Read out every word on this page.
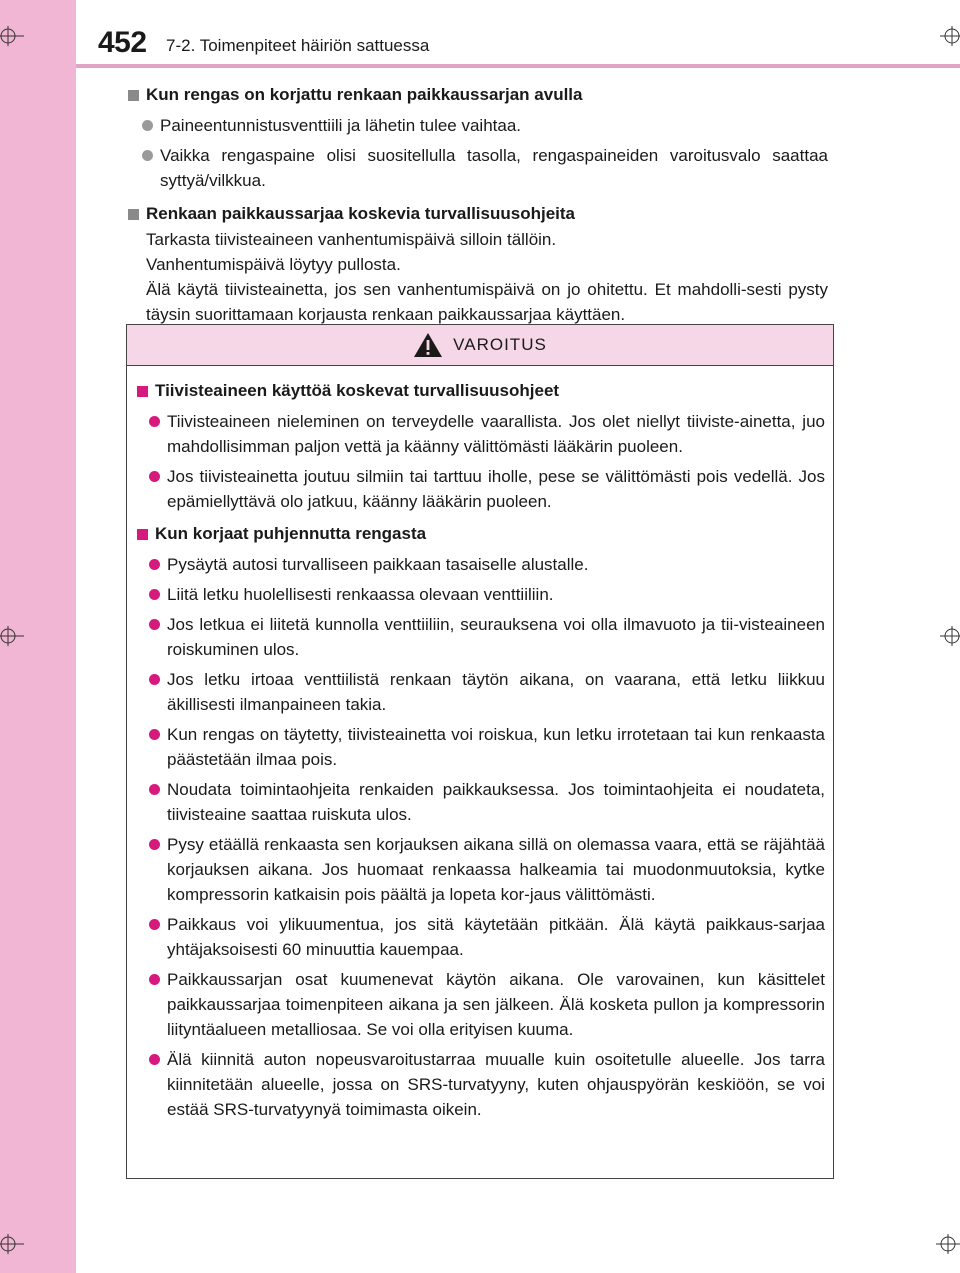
452 7-2. Toimenpiteet häiriön sattuessa
Kun rengas on korjattu renkaan paikkaussarjan avulla
Paineentunnistusventtiili ja lähetin tulee vaihtaa.
Vaikka rengaspaine olisi suositellulla tasolla, rengaspaineiden varoitusvalo saattaa syttyä/vilkkua.
Renkaan paikkaussarjaa koskevia turvallisuusohjeita
Tarkasta tiivisteaineen vanhentumispäivä silloin tällöin.
Vanhentumispäivä löytyy pullosta.
Älä käytä tiivisteainetta, jos sen vanhentumispäivä on jo ohitettu. Et mahdolli-sesti pysty täysin suorittamaan korjausta renkaan paikkaussarjaa käyttäen.
VAROITUS
Tiivisteaineen käyttöä koskevat turvallisuusohjeet
Tiivisteaineen nieleminen on terveydelle vaarallista. Jos olet niellyt tiiviste-ainetta, juo mahdollisimman paljon vettä ja käänny välittömästi lääkärin puoleen.
Jos tiivisteainetta joutuu silmiin tai tarttuu iholle, pese se välittömästi pois vedellä. Jos epämiellyttävä olo jatkuu, käänny lääkärin puoleen.
Kun korjaat puhjennutta rengasta
Pysäytä autosi turvalliseen paikkaan tasaiselle alustalle.
Liitä letku huolellisesti renkaassa olevaan venttiiliin.
Jos letkua ei liitetä kunnolla venttiiliin, seurauksena voi olla ilmavuoto ja tii-visteaineen roiskuminen ulos.
Jos letku irtoaa venttiilistä renkaan täytön aikana, on vaarana, että letku liikkuu äkillisesti ilmanpaineen takia.
Kun rengas on täytetty, tiivisteainetta voi roiskua, kun letku irrotetaan tai kun renkaasta päästetään ilmaa pois.
Noudata toimintaohjeita renkaiden paikkauksessa. Jos toimintaohjeita ei noudateta, tiivisteaine saattaa ruiskuta ulos.
Pysy etäällä renkaasta sen korjauksen aikana sillä on olemassa vaara, että se räjähtää korjauksen aikana. Jos huomaat renkaassa halkeamia tai muodonmuutoksia, kytke kompressorin katkaisin pois päältä ja lopeta kor-jaus välittömästi.
Paikkaus voi ylikuumentua, jos sitä käytetään pitkään. Älä käytä paikkaus-sarjaa yhtäjaksoisesti 60 minuuttia kauempaa.
Paikkaussarjan osat kuumenevat käytön aikana. Ole varovainen, kun käsittelet paikkaussarjaa toimenpiteen aikana ja sen jälkeen. Älä kosketa pullon ja kompressorin liityntäalueen metalliosaa. Se voi olla erityisen kuuma.
Älä kiinnitä auton nopeusvaroitustarraa muualle kuin osoitetulle alueelle. Jos tarra kiinnitetään alueelle, jossa on SRS-turvatyyny, kuten ohjauspyörän keskiöön, se voi estää SRS-turvatyynyä toimimasta oikein.
